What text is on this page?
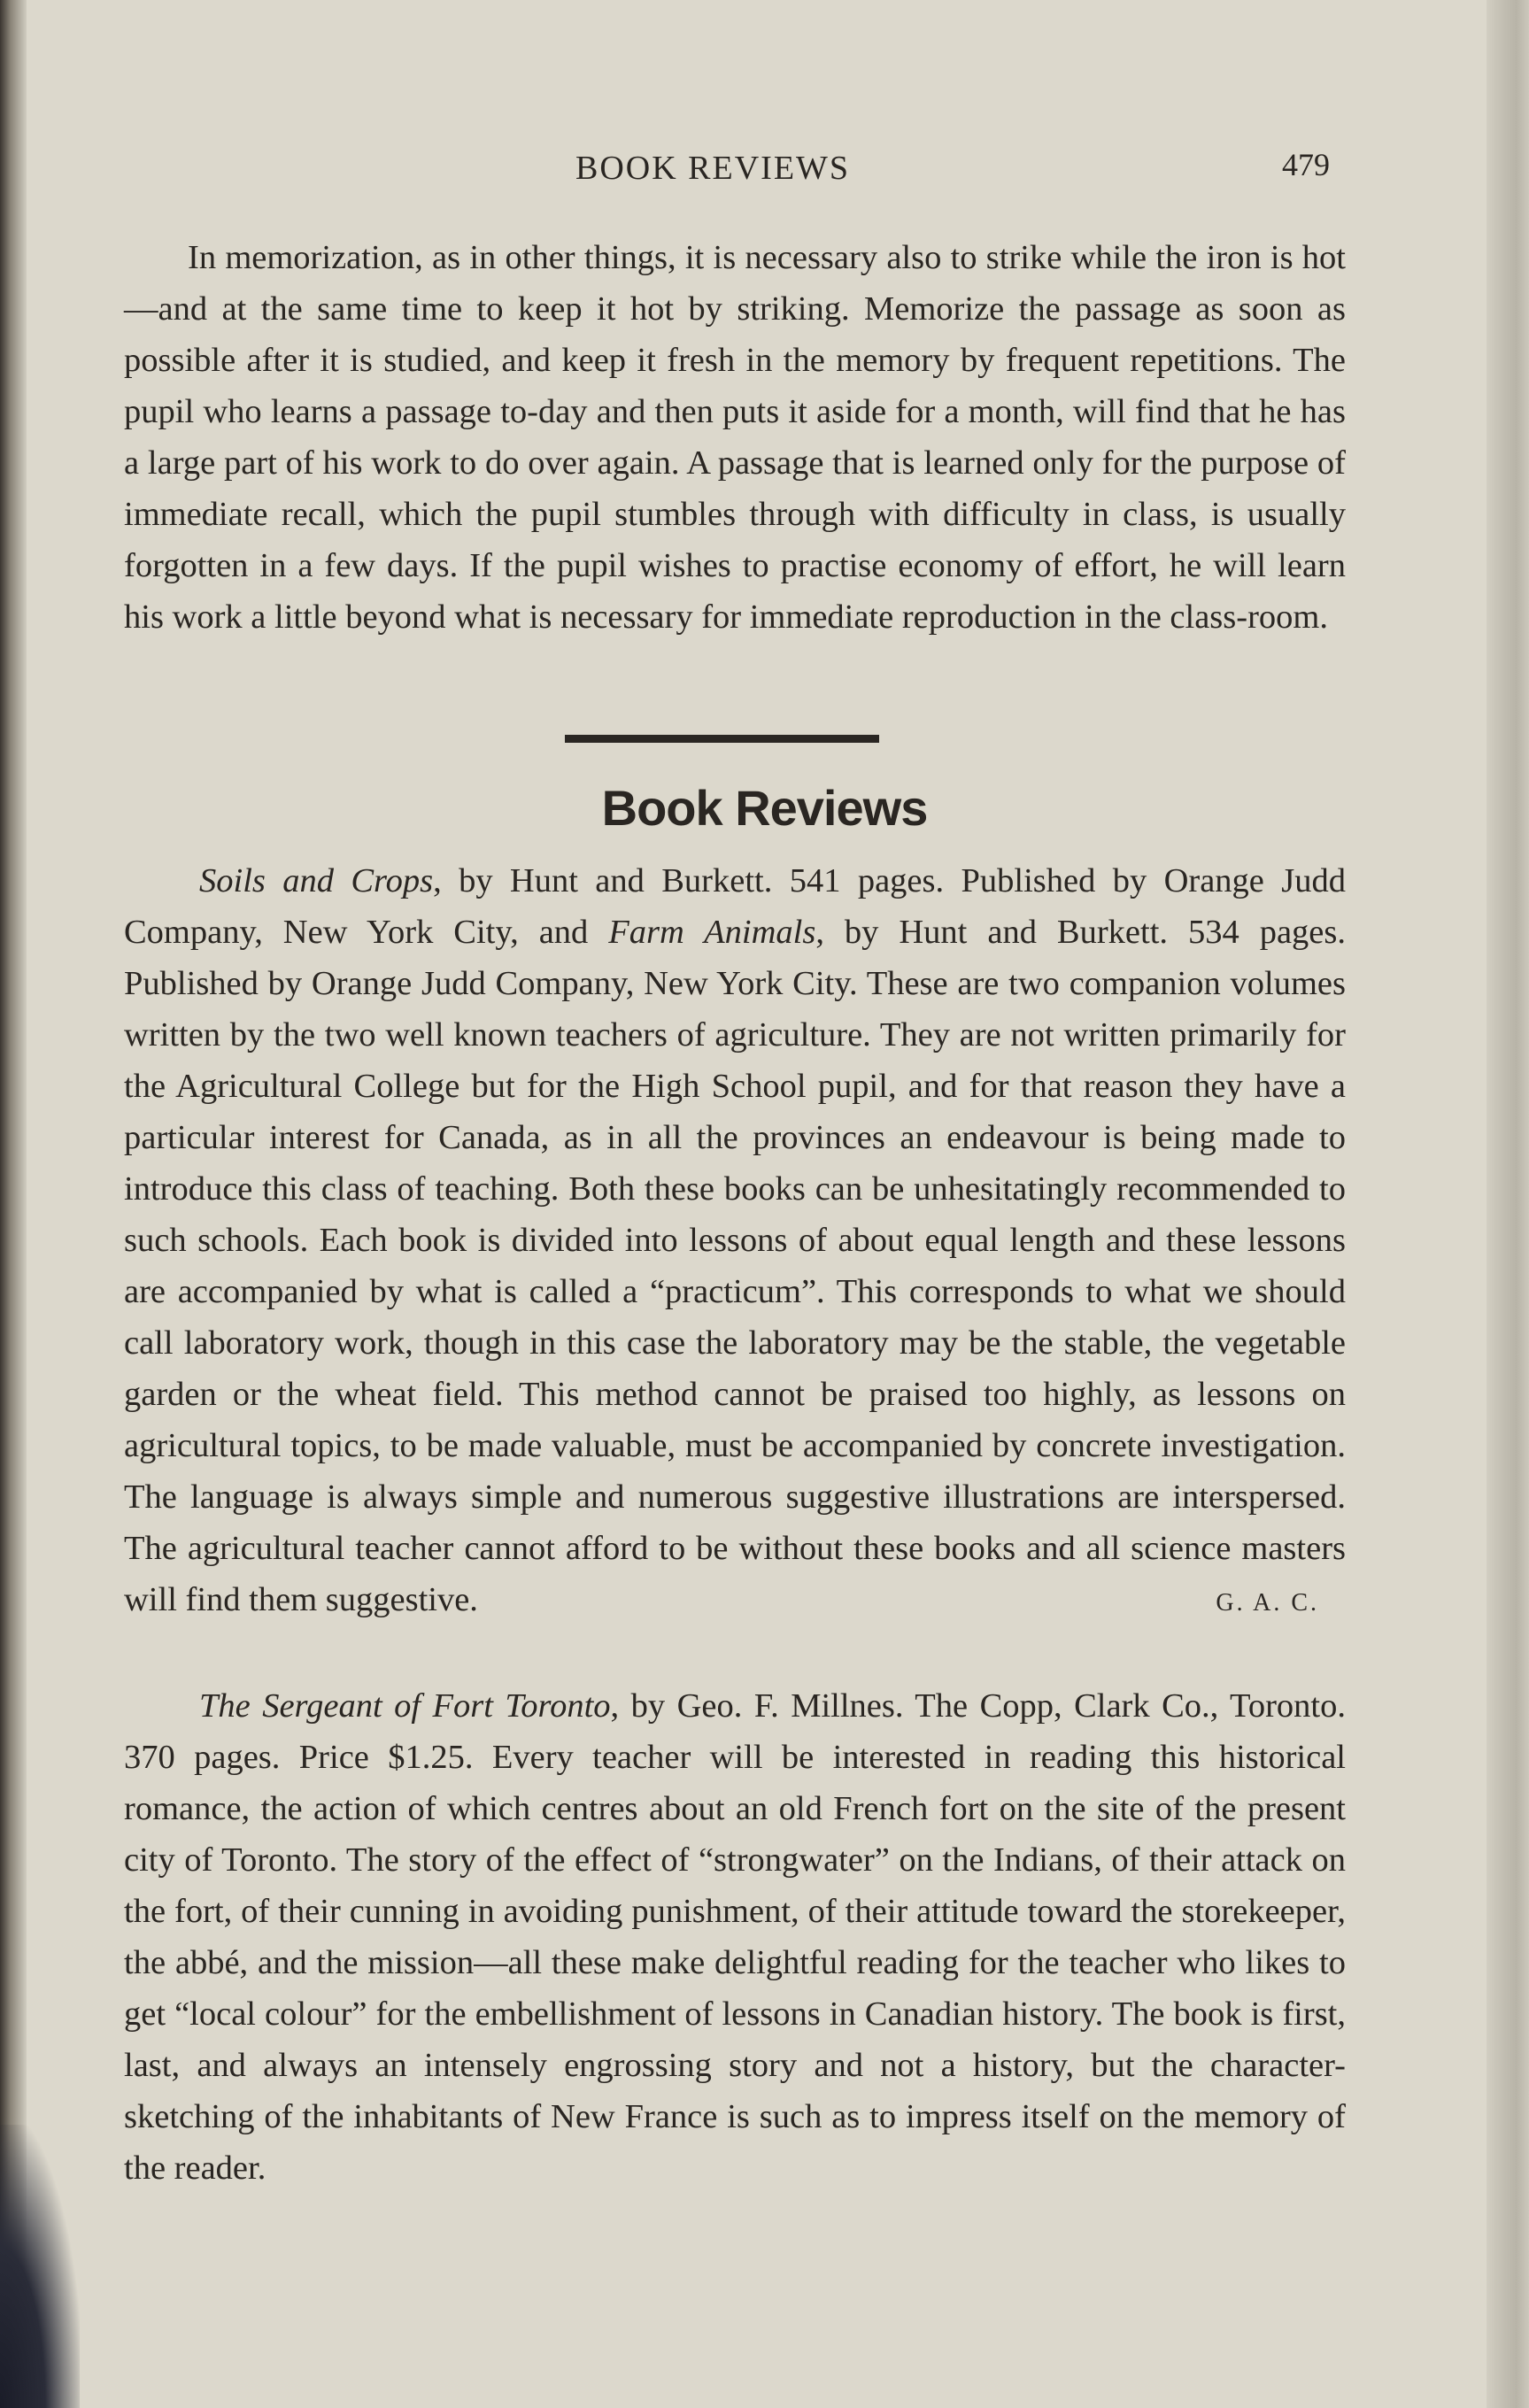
BOOK REVIEWS	479

In memorization, as in other things, it is necessary also to strike while the iron is hot—and at the same time to keep it hot by striking. Memorize the passage as soon as possible after it is studied, and keep it fresh in the memory by frequent repetitions. The pupil who learns a passage to-day and then puts it aside for a month, will find that he has a large part of his work to do over again. A passage that is learned only for the purpose of immediate recall, which the pupil stumbles through with difficulty in class, is usually forgotten in a few days. If the pupil wishes to practise economy of effort, he will learn his work a little beyond what is necessary for immediate reproduction in the class-room.

Book Reviews

Soils and Crops, by Hunt and Burkett. 541 pages. Published by Orange Judd Company, New York City, and Farm Animals, by Hunt and Burkett. 534 pages. Published by Orange Judd Company, New York City. These are two companion volumes written by the two well known teachers of agriculture. They are not written primarily for the Agricultural College but for the High School pupil, and for that reason they have a particular interest for Canada, as in all the provinces an endeavour is being made to introduce this class of teaching. Both these books can be unhesitatingly recommended to such schools. Each book is divided into lessons of about equal length and these lessons are accompanied by what is called a “practicum”. This corresponds to what we should call laboratory work, though in this case the laboratory may be the stable, the vegetable garden or the wheat field. This method cannot be praised too highly, as lessons on agricultural topics, to be made valuable, must be accompanied by concrete investigation. The language is always simple and numerous suggestive illustrations are interspersed. The agricultural teacher cannot afford to be without these books and all science masters will find them suggestive.	G. A. C.

The Sergeant of Fort Toronto, by Geo. F. Millnes. The Copp, Clark Co., Toronto. 370 pages. Price $1.25. Every teacher will be interested in reading this historical romance, the action of which centres about an old French fort on the site of the present city of Toronto. The story of the effect of “strongwater” on the Indians, of their attack on the fort, of their cunning in avoiding punishment, of their attitude toward the storekeeper, the abbé, and the mission—all these make delightful reading for the teacher who likes to get “local colour” for the embellishment of lessons in Canadian history. The book is first, last, and always an intensely engrossing story and not a history, but the character-sketching of the inhabitants of New France is such as to impress itself on the memory of the reader.
